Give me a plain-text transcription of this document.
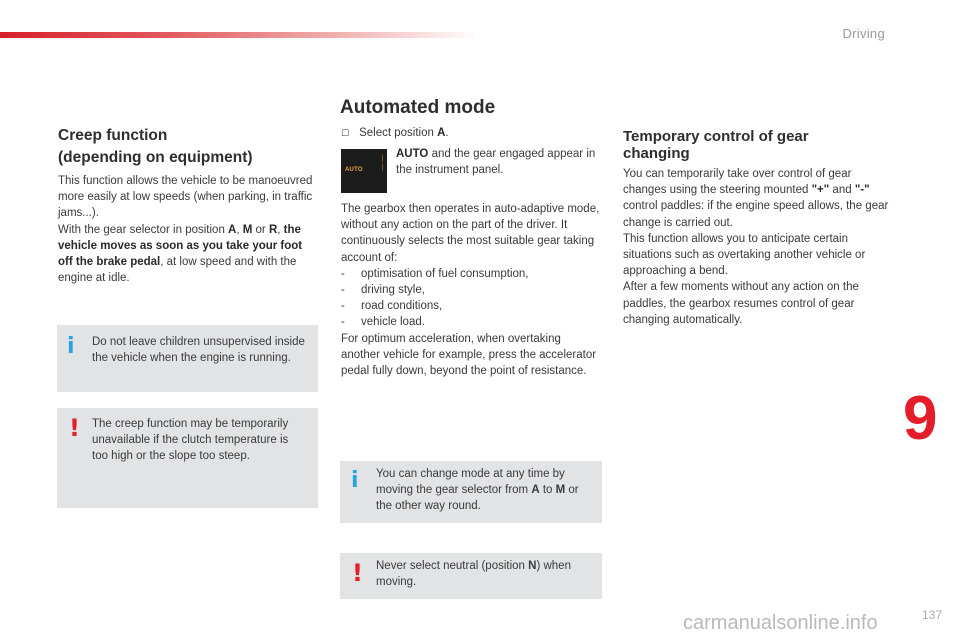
Driving
9
137
Creep function
(depending on equipment)
This function allows the vehicle to be manoeuvred more easily at low speeds (when parking, in traffic jams...).
With the gear selector in position A, M or R, the vehicle moves as soon as you take your foot off the brake pedal, at low speed and with the engine at idle.
i Do not leave children unsupervised inside the vehicle when the engine is running.
! The creep function may be temporarily unavailable if the clutch temperature is too high or the slope too steep.
Automated mode
☐ Select position A.
AUTO
│
│
AUTO and the gear engaged appear in the instrument panel.
The gearbox then operates in auto-adaptive mode, without any action on the part of the driver. It continuously selects the most suitable gear taking account of:
- optimisation of fuel consumption,
- driving style,
- road conditions,
- vehicle load.
For optimum acceleration, when overtaking another vehicle for example, press the accelerator pedal fully down, beyond the point of resistance.
i You can change mode at any time by moving the gear selector from A to M or the other way round.
! Never select neutral (position N) when moving.
Temporary control of gear
changing
You can temporarily take over control of gear changes using the steering mounted "+" and "-" control paddles: if the engine speed allows, the gear change is carried out.
This function allows you to anticipate certain situations such as overtaking another vehicle or approaching a bend.
After a few moments without any action on the paddles, the gearbox resumes control of gear changing automatically.
carmanualsonline.info
